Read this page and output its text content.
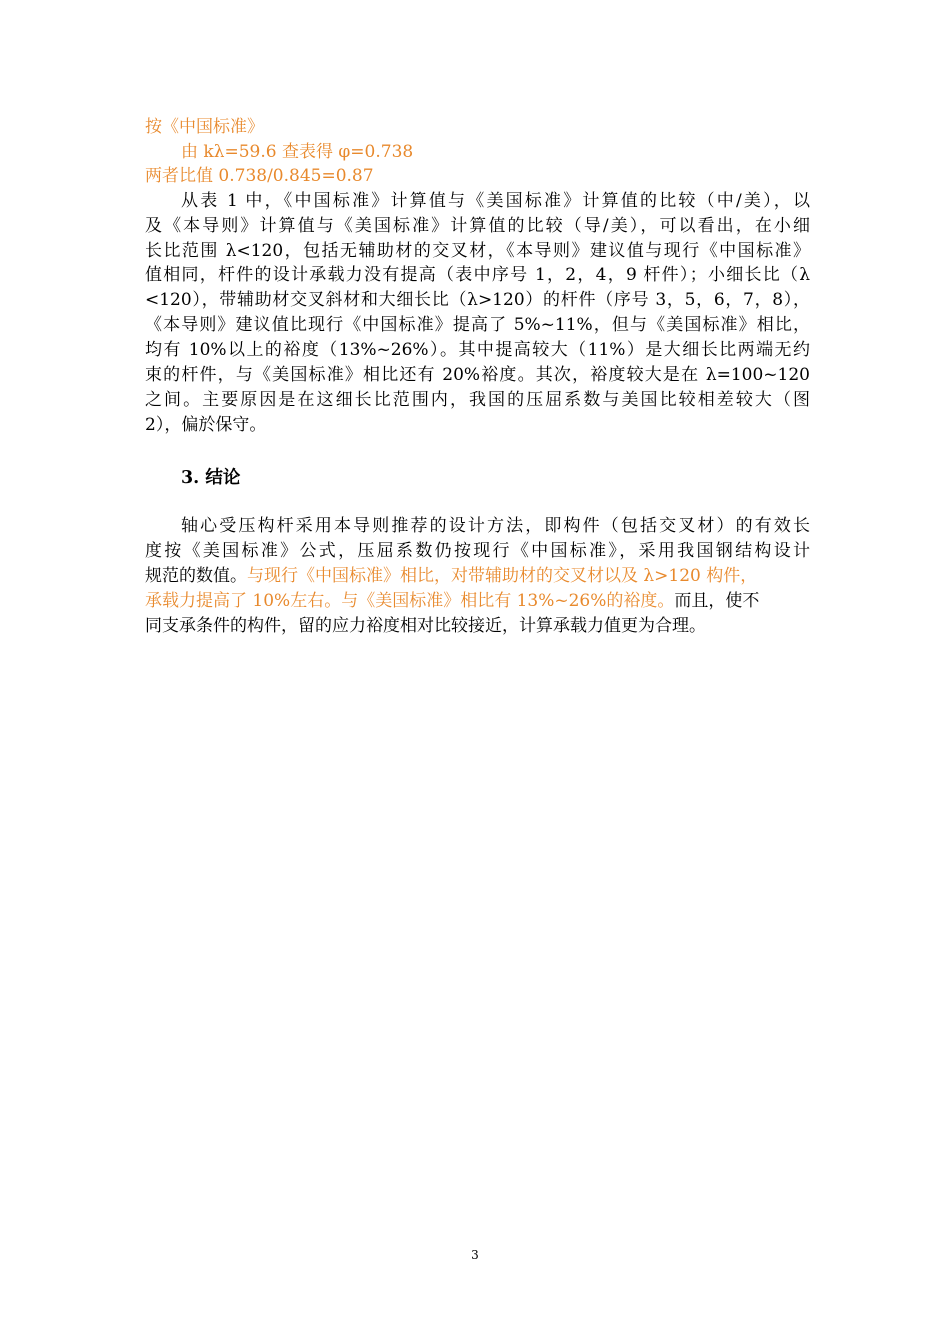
按《中国标准》
由 kλ=59.6 查表得 φ=0.738
两者比值 0.738/0.845=0.87
从表 1 中，《中国标准》计算值与《美国标准》计算值的比较（中/美），以
及《本导则》计算值与《美国标准》计算值的比较（导/美），可以看出，在小细
长比范围 λ<120，包括无辅助材的交叉材，《本导则》建议值与现行《中国标准》
值相同，杆件的设计承载力没有提高（表中序号 1，2，4，9 杆件）；小细长比（λ
<120），带辅助材交叉斜材和大细长比（λ>120）的杆件（序号 3，5，6，7，8），
《本导则》建议值比现行《中国标准》提高了 5%~11%，但与《美国标准》相比，
均有 10%以上的裕度（13%~26%）。其中提高较大（11%）是大细长比两端无约
束的杆件，与《美国标准》相比还有 20%裕度。其次，裕度较大是在 λ=100~120
之间。主要原因是在这细长比范围内，我国的压屈系数与美国比较相差较大（图
2），偏於保守。
3. 结论
轴心受压构杆采用本导则推荐的设计方法，即构件（包括交叉材）的有效长
度按《美国标准》公式，压屈系数仍按现行《中国标准》，采用我国钢结构设计
规范的数值。与现行《中国标准》相比，对带辅助材的交叉材以及 λ>120 构件，
承载力提高了 10%左右。与《美国标准》相比有 13%~26%的裕度。而且，使不
同支承条件的构件，留的应力裕度相对比较接近，计算承载力值更为合理。
3
